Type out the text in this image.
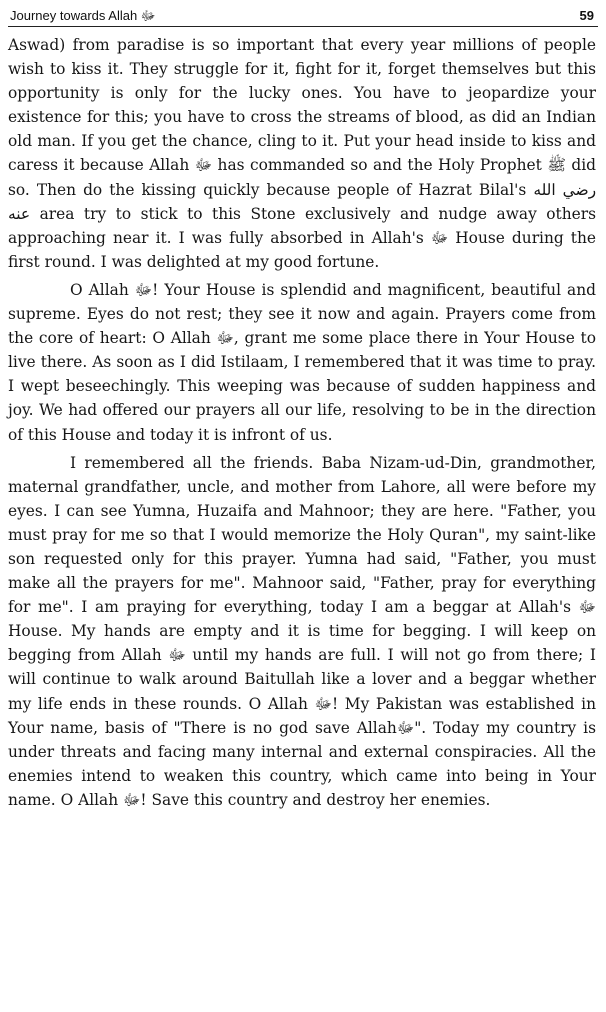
Journey towards Allah ﷻ	59

Aswad) from paradise is so important that every year millions of people wish to kiss it. They struggle for it, fight for it, forget themselves but this opportunity is only for the lucky ones. You have to jeopardize your existence for this; you have to cross the streams of blood, as did an Indian old man. If you get the chance, cling to it. Put your head inside to kiss and caress it because Allah ﷻ has commanded so and the Holy Prophet ﷺ did so. Then do the kissing quickly because people of Hazrat Bilal's رضي الله عنه area try to stick to this Stone exclusively and nudge away others approaching near it. I was fully absorbed in Allah's ﷻ House during the first round. I was delighted at my good fortune.

O Allah ﷻ! Your House is splendid and magnificent, beautiful and supreme. Eyes do not rest; they see it now and again. Prayers come from the core of heart: O Allah ﷻ, grant me some place there in Your House to live there. As soon as I did Istilaam, I remembered that it was time to pray. I wept beseechingly. This weeping was because of sudden happiness and joy. We had offered our prayers all our life, resolving to be in the direction of this House and today it is infront of us.

I remembered all the friends. Baba Nizam-ud-Din, grandmother, maternal grandfather, uncle, and mother from Lahore, all were before my eyes. I can see Yumna, Huzaifa and Mahnoor; they are here. "Father, you must pray for me so that I would memorize the Holy Quran", my saint-like son requested only for this prayer. Yumna had said, "Father, you must make all the prayers for me". Mahnoor said, "Father, pray for everything for me". I am praying for everything, today I am a beggar at Allah's ﷻ House. My hands are empty and it is time for begging. I will keep on begging from Allah ﷻ until my hands are full. I will not go from there; I will continue to walk around Baitullah like a lover and a beggar whether my life ends in these rounds. O Allah ﷻ! My Pakistan was established in Your name, basis of "There is no god save Allahﷻ". Today my country is under threats and facing many internal and external conspiracies. All the enemies intend to weaken this country, which came into being in Your name. O Allah ﷻ! Save this country and destroy her enemies.
